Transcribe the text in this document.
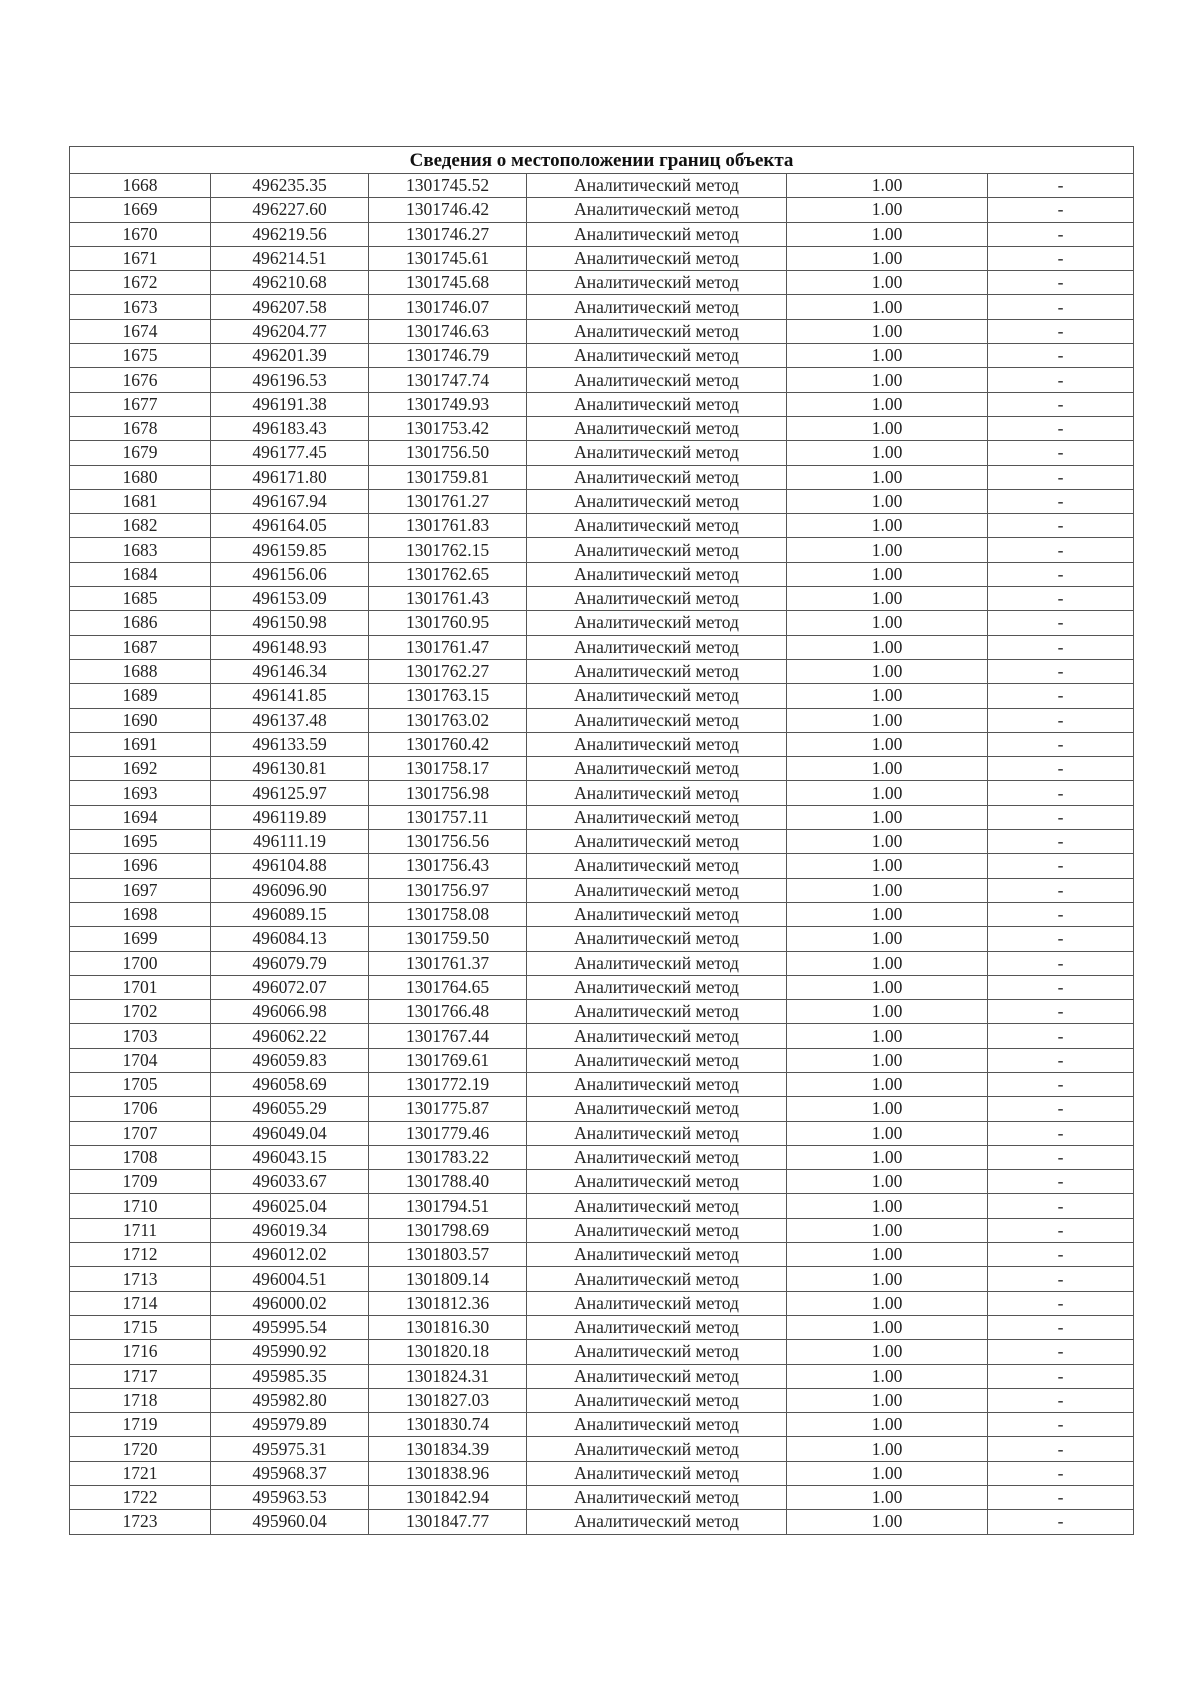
Сведения о местоположении границ объекта					
1668	496235.35	1301745.52	Аналитический метод	1.00	-
1669	496227.60	1301746.42	Аналитический метод	1.00	-
1670	496219.56	1301746.27	Аналитический метод	1.00	-
1671	496214.51	1301745.61	Аналитический метод	1.00	-
1672	496210.68	1301745.68	Аналитический метод	1.00	-
1673	496207.58	1301746.07	Аналитический метод	1.00	-
1674	496204.77	1301746.63	Аналитический метод	1.00	-
1675	496201.39	1301746.79	Аналитический метод	1.00	-
1676	496196.53	1301747.74	Аналитический метод	1.00	-
1677	496191.38	1301749.93	Аналитический метод	1.00	-
1678	496183.43	1301753.42	Аналитический метод	1.00	-
1679	496177.45	1301756.50	Аналитический метод	1.00	-
1680	496171.80	1301759.81	Аналитический метод	1.00	-
1681	496167.94	1301761.27	Аналитический метод	1.00	-
1682	496164.05	1301761.83	Аналитический метод	1.00	-
1683	496159.85	1301762.15	Аналитический метод	1.00	-
1684	496156.06	1301762.65	Аналитический метод	1.00	-
1685	496153.09	1301761.43	Аналитический метод	1.00	-
1686	496150.98	1301760.95	Аналитический метод	1.00	-
1687	496148.93	1301761.47	Аналитический метод	1.00	-
1688	496146.34	1301762.27	Аналитический метод	1.00	-
1689	496141.85	1301763.15	Аналитический метод	1.00	-
1690	496137.48	1301763.02	Аналитический метод	1.00	-
1691	496133.59	1301760.42	Аналитический метод	1.00	-
1692	496130.81	1301758.17	Аналитический метод	1.00	-
1693	496125.97	1301756.98	Аналитический метод	1.00	-
1694	496119.89	1301757.11	Аналитический метод	1.00	-
1695	496111.19	1301756.56	Аналитический метод	1.00	-
1696	496104.88	1301756.43	Аналитический метод	1.00	-
1697	496096.90	1301756.97	Аналитический метод	1.00	-
1698	496089.15	1301758.08	Аналитический метод	1.00	-
1699	496084.13	1301759.50	Аналитический метод	1.00	-
1700	496079.79	1301761.37	Аналитический метод	1.00	-
1701	496072.07	1301764.65	Аналитический метод	1.00	-
1702	496066.98	1301766.48	Аналитический метод	1.00	-
1703	496062.22	1301767.44	Аналитический метод	1.00	-
1704	496059.83	1301769.61	Аналитический метод	1.00	-
1705	496058.69	1301772.19	Аналитический метод	1.00	-
1706	496055.29	1301775.87	Аналитический метод	1.00	-
1707	496049.04	1301779.46	Аналитический метод	1.00	-
1708	496043.15	1301783.22	Аналитический метод	1.00	-
1709	496033.67	1301788.40	Аналитический метод	1.00	-
1710	496025.04	1301794.51	Аналитический метод	1.00	-
1711	496019.34	1301798.69	Аналитический метод	1.00	-
1712	496012.02	1301803.57	Аналитический метод	1.00	-
1713	496004.51	1301809.14	Аналитический метод	1.00	-
1714	496000.02	1301812.36	Аналитический метод	1.00	-
1715	495995.54	1301816.30	Аналитический метод	1.00	-
1716	495990.92	1301820.18	Аналитический метод	1.00	-
1717	495985.35	1301824.31	Аналитический метод	1.00	-
1718	495982.80	1301827.03	Аналитический метод	1.00	-
1719	495979.89	1301830.74	Аналитический метод	1.00	-
1720	495975.31	1301834.39	Аналитический метод	1.00	-
1721	495968.37	1301838.96	Аналитический метод	1.00	-
1722	495963.53	1301842.94	Аналитический метод	1.00	-
1723	495960.04	1301847.77	Аналитический метод	1.00	-
